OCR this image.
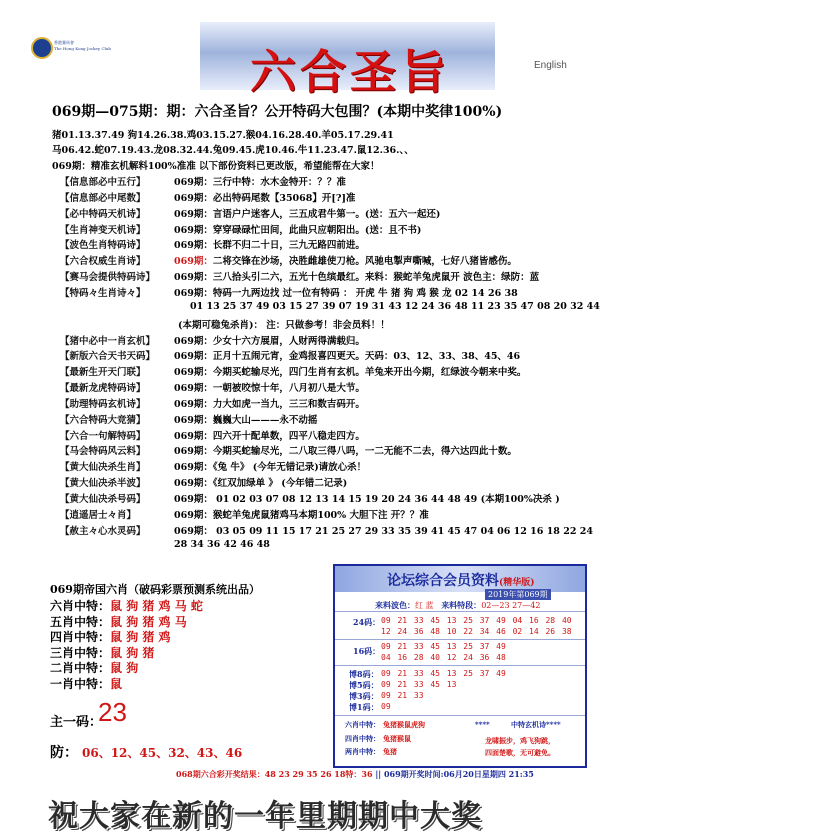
香港賽馬會
The Hong Kong Jockey Club	六合圣旨	English
069期—075期：期：六合圣旨？公开特码大包围？(本期中奖律100%)
猪01.13.37.49 狗14.26.38.鸡03.15.27.猴04.16.28.40.羊05.17.29.41
马06.42.蛇07.19.43.龙08.32.44.兔09.45.虎10.46.牛11.23.47.鼠12.36.、、
069期：精准玄机解料100%准准 以下部份资料已更改版，希望能帮在大家！
【信息部必中五行】	069期：三行中特：水木金特开：？？准
【信息部必中尾数】	069期：必出特码尾数【35068】开[?]准
【必中特码天机诗】	069期：言语户户迷客人，三五成君牛第一。(送：五六一起还)
【生肖神变天机诗】	069期：穿穿碌碌忙田间，此曲只应朝阳出。(送：且不书)
【波色生肖特码诗】	069期：长群不归二十日，三九无路四前进。
【六合权威生肖诗】	069期：二将交锋在沙场，决胜雌雄使刀枪。风驰电掣声嘶喊，七好八猪皆感伤。
【赛马会提供特码诗】 069期：三八拾头引二六，五光十色缤最红。来料：猴蛇羊兔虎鼠开 波色主：绿防：蓝
【特码々生肖诗々】	069期：特码一九两边找 过一位有特码 ： 开虎 牛 猪 狗 鸡 猴 龙 02 14 26 38
01 13 25 37 49 03 15 27 39 07 19 31 43 12 24 36 48 11 23 35 47 08 20 32 44
(本期可稳兔杀肖)： 注：只做参考！非会员料！！
【猪中必中一肖玄机】 069期：少女十六方展眉，人财两得满载归。
【新版六合天书天码】 069期：正月十五闹元宵，金鸡报喜四更天。天码：03、12、33、38、45、46
【最新生开天门联】	069期：今期买蛇输尽光，四门生肖有玄机。羊兔来开出今期，红绿波今朝来中奖。
【最新龙虎特码诗】	069期：一朝被咬惊十年，八月初八是大节。
【助理特码玄机诗】	069期：力大如虎一当九，三三和数吉码开。
【六合特码大竞猜】	069期：巍巍大山———永不动摇
【六合一句解特码】	069期：四六开十配单数，四平八稳走四方。
【马会特码风云料】	069期：今期买蛇输尽光，二八取三得八吗，一二无能不二去，得六达四此十数。
【黄大仙决杀生肖】	069期：《兔 牛》 (今年无错记录)请放心杀！
【黄大仙决杀半波】	069期：《红双加绿单 》 (今年错二记录)
【黄大仙决杀号码】	069期： 01 02 03 07 08 12 13 14 15 19 20 24 36 44 48 49 (本期100%决杀 )
【逍遥居士々肖】	069期：猴蛇羊兔虎鼠猪鸡马本期100% 大胆下注 开？？准
【赦主々心水灵码】	069期： 03 05 09 11 15 17 21 25 27 29 33 35 39 41 45 47 04 06 12 16 18 22 24
28 34 36 42 46 48
069期帝国六肖（破码彩票预测系统出品）
六肖中特：鼠 狗 猪 鸡 马 蛇
五肖中特：鼠 狗 猪 鸡 马
四肖中特：鼠 狗 猪 鸡
三肖中特：鼠 狗 猪
二肖中特：鼠 狗
一肖中特：鼠
主一码：
23
防： 06、12、45、32、43、46
论坛综合会员资料(精华版)
2019年第069期
来料波色：红 蓝 来料特段：02—23 27—42
24码： 09 21 33 45 13 25 37 49 04 16 28 40
12 24 36 48 10 22 34 46 02 14 26 38
16码： 09 21 33 45 13 25 37 49
04 16 28 40 12 24 36 48
博8码： 09 21 33 45 13 25 37 49
博5码： 09 21 33 45 13
博3码： 09 21 33
博1码： 09
六肖中特： 兔猪猴鼠虎狗	****	中特玄机诗****
四肖中特： 兔猪猴鼠
两肖中特： 兔猪
龙啸振步，鸡飞狗跳，
四面楚歌，无可避免。
068期六合彩开奖结果：48 23 29 35 26 18特：36 || 069期开奖时间:06月20日星期四 21:35
祝大家在新的一年里期期中大奖
